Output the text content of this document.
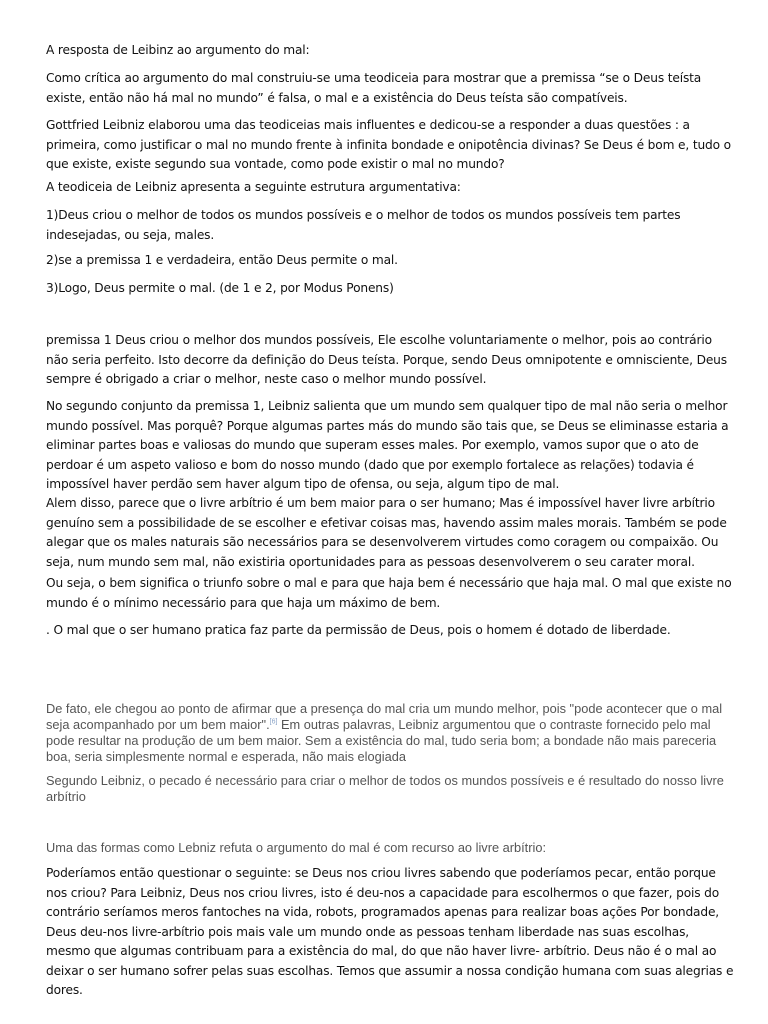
A resposta de Leibinz ao argumento do mal:

Como crítica ao argumento do mal construiu-se uma teodiceia para mostrar que a premissa “se o Deus teísta existe, então não há mal no mundo” é falsa, o mal e a existência do Deus teísta são compatíveis.

Gottfried Leibniz elaborou uma das teodiceias mais influentes e dedicou-se a responder a duas questões : a primeira, como justificar o mal no mundo frente à infinita bondade e onipotência divinas? Se Deus é bom e, tudo o que existe, existe segundo sua vontade, como pode existir o mal no mundo?

A teodiceia de Leibniz apresenta a seguinte estrutura argumentativa:

1)Deus criou o melhor de todos os mundos possíveis e o melhor de todos os mundos possíveis tem partes indesejadas, ou seja, males.

2)se a premissa 1 e verdadeira, então Deus permite o mal.

3)Logo, Deus permite o mal. (de 1 e 2, por Modus Ponens)

premissa 1 Deus criou o melhor dos mundos possíveis, Ele escolhe voluntariamente o melhor, pois ao contrário não seria perfeito. Isto decorre da definição do Deus teísta. Porque, sendo Deus omnipotente e omnisciente, Deus sempre é obrigado a criar o melhor, neste caso o melhor mundo possível.

No segundo conjunto da premissa 1, Leibniz salienta que um mundo sem qualquer tipo de mal não seria o melhor mundo possível. Mas porquê? Porque algumas partes más do mundo são tais que, se Deus se eliminasse estaria a eliminar partes boas e valiosas do mundo que superam esses males. Por exemplo, vamos supor que o ato de perdoar é um aspeto valioso e bom do nosso mundo (dado que por exemplo fortalece as relações) todavia é impossível haver perdão sem haver algum tipo de ofensa, ou seja, algum tipo de mal.

Alem disso, parece que o livre arbítrio é um bem maior para o ser humano; Mas é impossível haver livre arbítrio genuíno sem a possibilidade de se escolher e efetivar coisas mas, havendo assim males morais. Também se pode alegar que os males naturais são necessários para se desenvolverem virtudes como coragem ou compaixão. Ou seja, num mundo sem mal, não existiria oportunidades para as pessoas desenvolverem o seu carater moral.

Ou seja, o bem significa o triunfo sobre o mal e para que haja bem é necessário que haja mal. O mal que existe no mundo é o mínimo necessário para que haja um máximo de bem.

. O mal que o ser humano pratica faz parte da permissão de Deus, pois o homem é dotado de liberdade.

De fato, ele chegou ao ponto de afirmar que a presença do mal cria um mundo melhor, pois "pode acontecer que o mal seja acompanhado por um bem maior".[6] Em outras palavras, Leibniz argumentou que o contraste fornecido pelo mal pode resultar na produção de um bem maior. Sem a existência do mal, tudo seria bom; a bondade não mais pareceria boa, seria simplesmente normal e esperada, não mais elogiada

Segundo Leibniz, o pecado é necessário para criar o melhor de todos os mundos possíveis e é resultado do nosso livre arbítrio

Uma das formas como Lebniz refuta o argumento do mal é com recurso ao livre arbítrio:

Poderíamos então questionar o seguinte: se Deus nos criou livres sabendo que poderíamos pecar, então porque nos criou? Para Leibniz, Deus nos criou livres, isto é deu-nos a capacidade para escolhermos o que fazer, pois do contrário seríamos meros fantoches na vida, robots, programados apenas para realizar boas ações Por bondade, Deus deu-nos livre-arbítrio pois mais vale um mundo onde as pessoas tenham liberdade nas suas escolhas, mesmo que algumas contribuam para a existência do mal, do que não haver livre- arbítrio. Deus não é o mal ao deixar o ser humano sofrer pelas suas escolhas. Temos que assumir a nossa condição humana com suas alegrias e dores.
